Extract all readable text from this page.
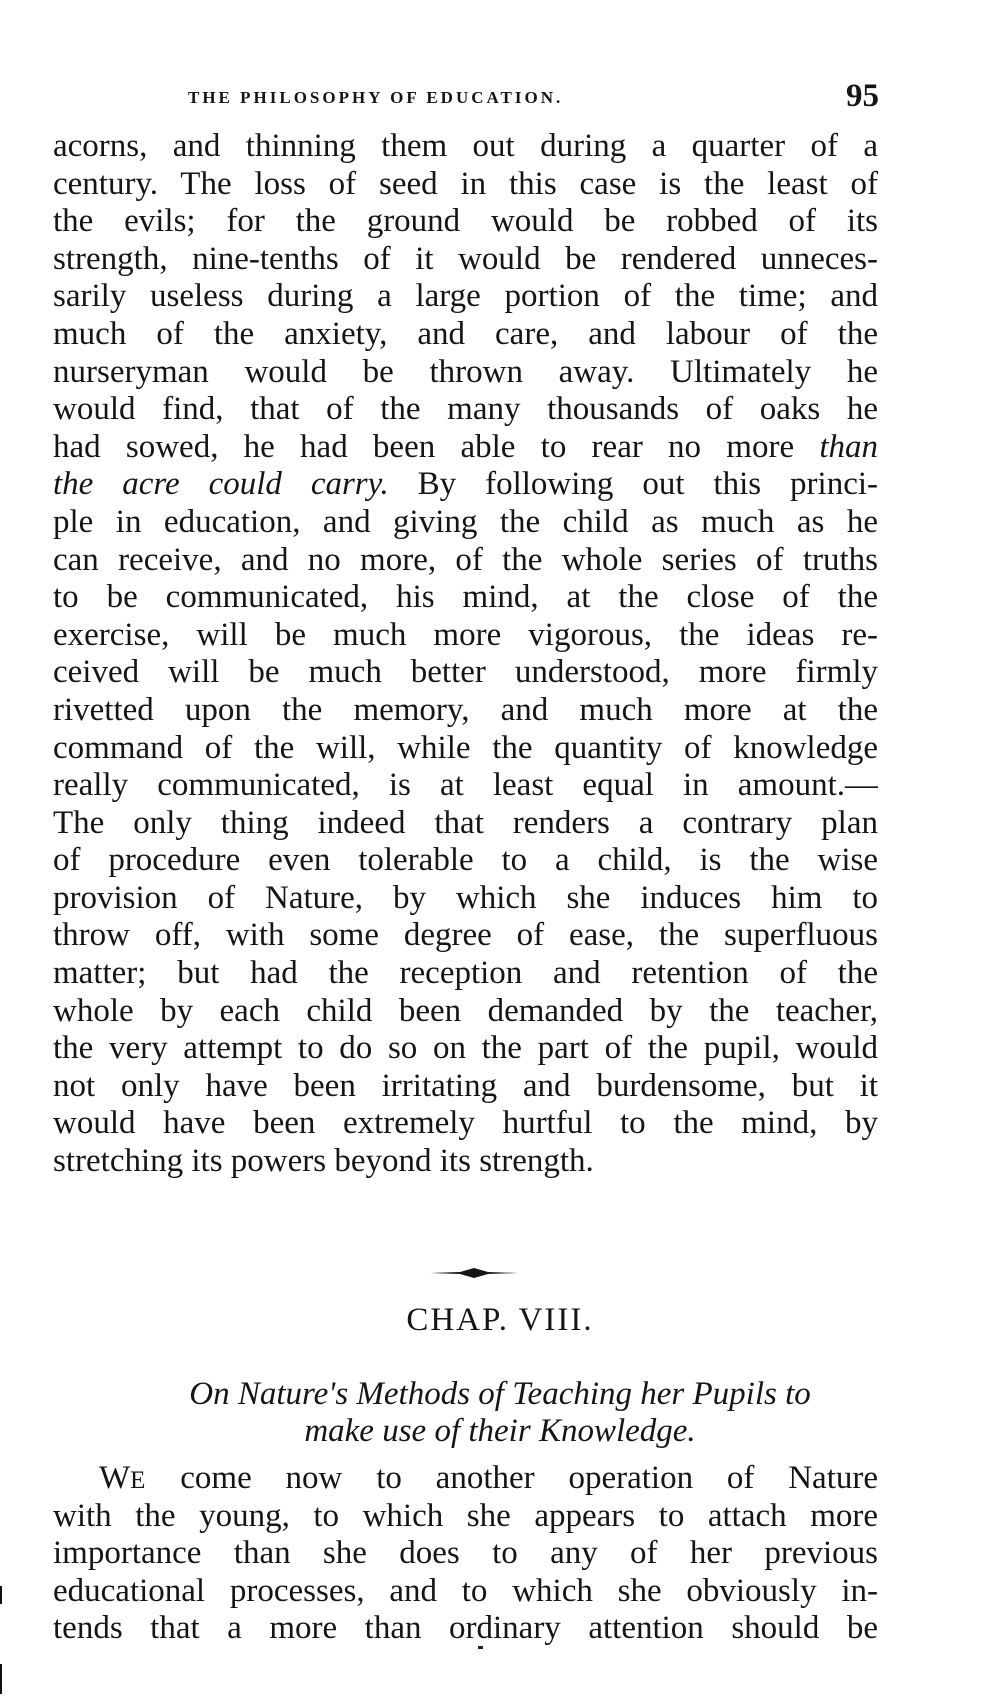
THE PHILOSOPHY OF EDUCATION.	95
acorns, and thinning them out during a quarter of a
century. The loss of seed in this case is the least of
the evils; for the ground would be robbed of its
strength, nine-tenths of it would be rendered unneces-
sarily useless during a large portion of the time; and
much of the anxiety, and care, and labour of the
nurseryman would be thrown away. Ultimately he
would find, that of the many thousands of oaks he
had sowed, he had been able to rear no more than
the acre could carry. By following out this princi-
ple in education, and giving the child as much as he
can receive, and no more, of the whole series of truths
to be communicated, his mind, at the close of the
exercise, will be much more vigorous, the ideas re-
ceived will be much better understood, more firmly
rivetted upon the memory, and much more at the
command of the will, while the quantity of knowledge
really communicated, is at least equal in amount.—
The only thing indeed that renders a contrary plan
of procedure even tolerable to a child, is the wise
provision of Nature, by which she induces him to
throw off, with some degree of ease, the superfluous
matter; but had the reception and retention of the
whole by each child been demanded by the teacher,
the very attempt to do so on the part of the pupil, would
not only have been irritating and burdensome, but it
would have been extremely hurtful to the mind, by
stretching its powers beyond its strength.
CHAP. VIII.
On Nature's Methods of Teaching her Pupils to
make use of their Knowledge.
WE come now to another operation of Nature
with the young, to which she appears to attach more
importance than she does to any of her previous
educational processes, and to which she obviously in-
tends that a more than ordinary attention should be
